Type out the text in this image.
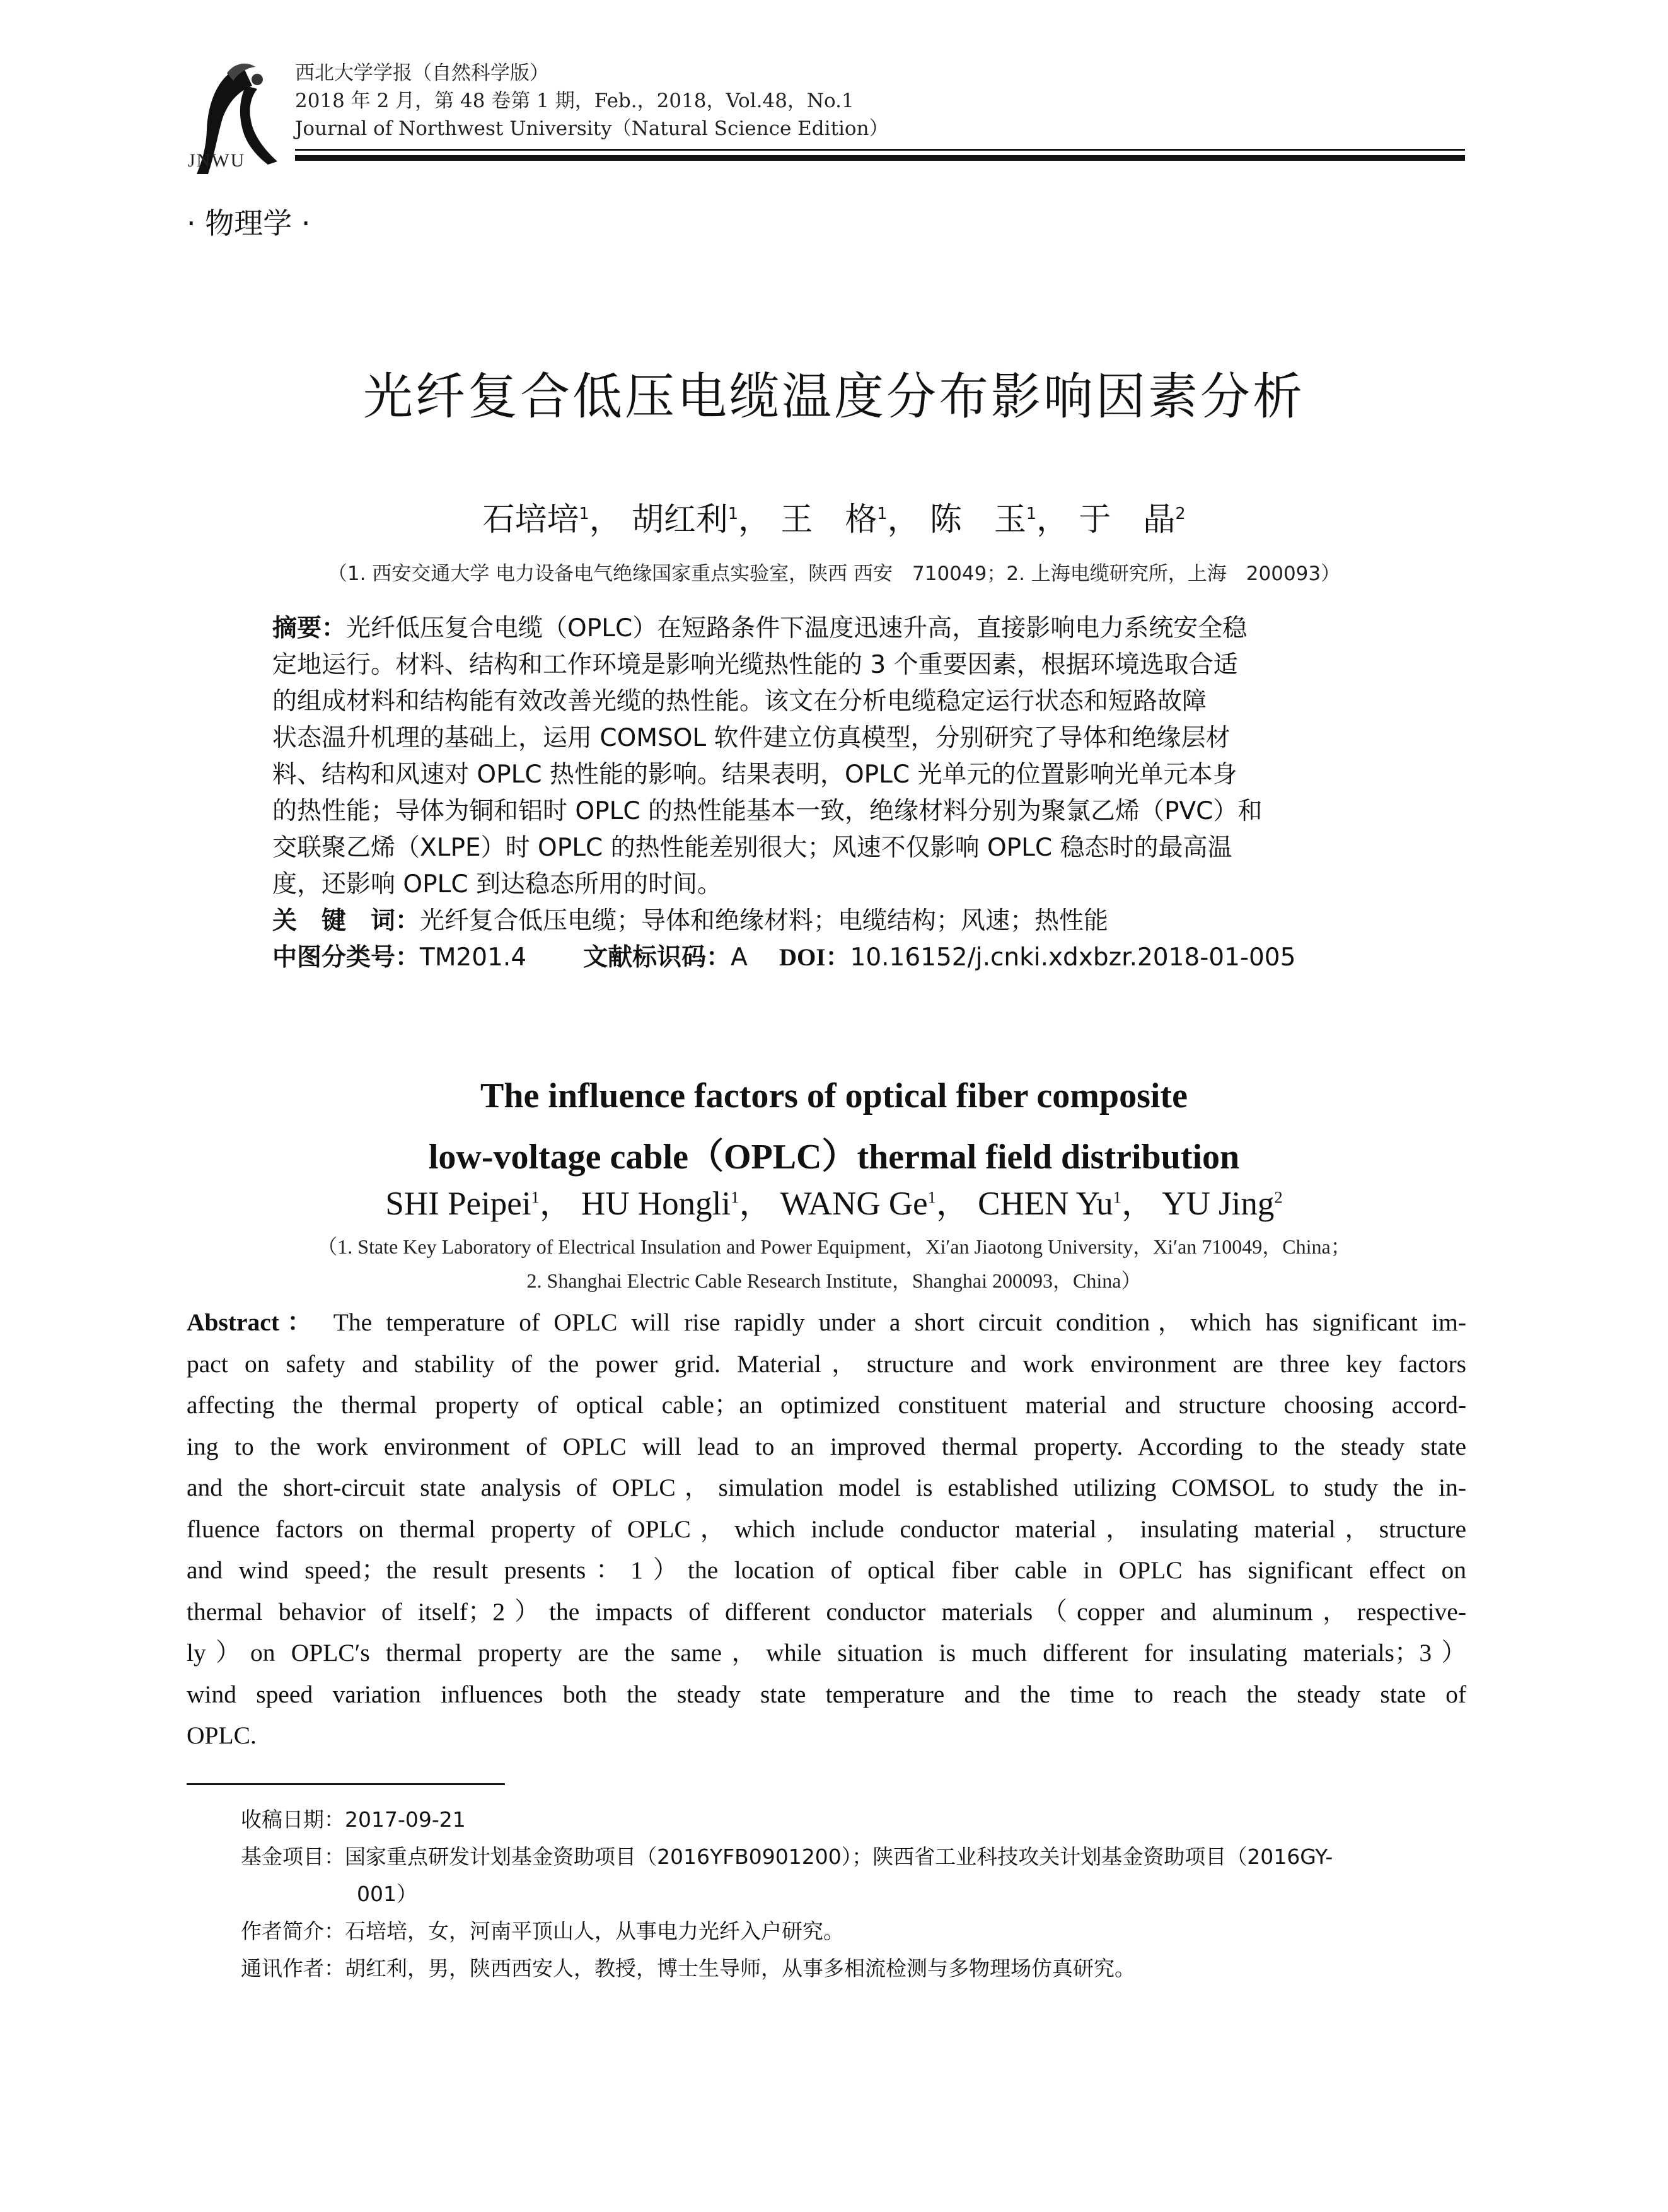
JNWU
西北大学学报（自然科学版）
2018 年 2 月，第 48 卷第 1 期，Feb.，2018，Vol.48，No.1
Journal of Northwest University（Natural Science Edition）
· 物理学 ·
光纤复合低压电缆温度分布影响因素分析
石培培$^1$， 胡红利$^1$， 王　格$^1$， 陈　玉$^1$， 于　晶$^2$
（1. 西安交通大学 电力设备电气绝缘国家重点实验室，陕西 西安　710049；2. 上海电缆研究所，上海　200093）
摘要：光纤低压复合电缆（OPLC）在短路条件下温度迅速升高，直接影响电力系统安全稳
定地运行。材料、结构和工作环境是影响光缆热性能的 3 个重要因素，根据环境选取合适
的组成材料和结构能有效改善光缆的热性能。该文在分析电缆稳定运行状态和短路故障
状态温升机理的基础上，运用 COMSOL 软件建立仿真模型，分别研究了导体和绝缘层材
料、结构和风速对 OPLC 热性能的影响。结果表明，OPLC 光单元的位置影响光单元本身
的热性能；导体为铜和铝时 OPLC 的热性能基本一致，绝缘材料分别为聚氯乙烯（PVC）和
交联聚乙烯（XLPE）时 OPLC 的热性能差别很大；风速不仅影响 OPLC 稳态时的最高温
度，还影响 OPLC 到达稳态所用的时间。
关　键　词：光纤复合低压电缆；导体和绝缘材料；电缆结构；风速；热性能
中图分类号：TM201.4 文献标识码：A DOI：10.16152/j.cnki.xdxbzr.2018-01-005
The influence factors of optical fiber composite
low-voltage cable（OPLC）thermal field distribution
SHI Peipei$^1$， HU Hongli$^1$， WANG Ge$^1$， CHEN Yu$^1$， YU Jing$^2$
（1. State Key Laboratory of Electrical Insulation and Power Equipment，Xi′an Jiaotong University，Xi′an 710049，China；
2. Shanghai Electric Cable Research Institute，Shanghai 200093，China）
Abstract： The temperature of OPLC will rise rapidly under a short circuit condition，which has significant im-
pact on safety and stability of the power grid. Material，structure and work environment are three key factors
affecting the thermal property of optical cable；an optimized constituent material and structure choosing accord-
ing to the work environment of OPLC will lead to an improved thermal property. According to the steady state
and the short-circuit state analysis of OPLC，simulation model is established utilizing COMSOL to study the in-
fluence factors on thermal property of OPLC，which include conductor material，insulating material，structure
and wind speed；the result presents：1）the location of optical fiber cable in OPLC has significant effect on
thermal behavior of itself；2）the impacts of different conductor materials（copper and aluminum，respective-
ly）on OPLC′s thermal property are the same，while situation is much different for insulating materials；3）
wind speed variation influences both the steady state temperature and the time to reach the steady state of
OPLC.
收稿日期：2017-09-21
基金项目：国家重点研发计划基金资助项目（2016YFB0901200）；陕西省工业科技攻关计划基金资助项目（2016GY-
001）
作者简介：石培培，女，河南平顶山人，从事电力光纤入户研究。
通讯作者：胡红利，男，陕西西安人，教授，博士生导师，从事多相流检测与多物理场仿真研究。
